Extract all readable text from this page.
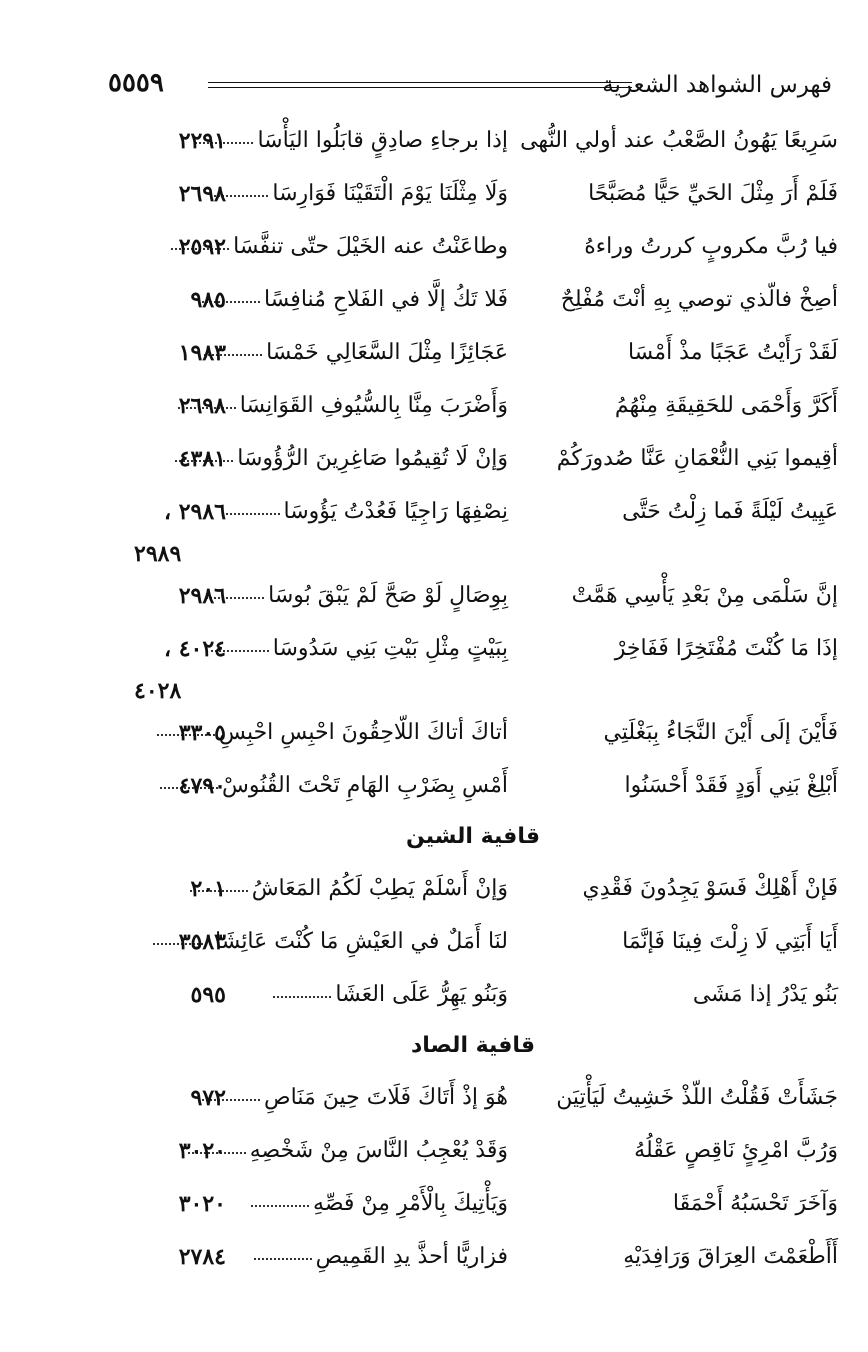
فهرس الشواهد الشعرية
٥٥٥٩
سَرِيعًا يَهُونُ الصَّعْبُ عند أولي النُّهى
إذا برجاءِ صادِقٍ قابَلُوا اليَأْسَا
٢٢٩١
فَلَمْ أَرَ مِثْلَ الحَيِّ حَيًّا مُصَبَّحًا
وَلَا مِثْلَنَا يَوْمَ الْتَقَيْنَا فَوَارِسَا
٢٦٩٨
فيا رُبَّ مكروبٍ كررتُ وراءهُ
وطاعَنْتُ عنه الخَيْلَ حتّى تنفَّسَا
٢٥٩٢
أصِخْ فالّذي توصي بِهِ أنْتَ مُفْلِحٌ
فَلا تَكُ إلَّا في الفَلاحِ مُنافِسًا
٩٨٥
لَقَدْ رَأَيْتُ عَجَبًا مذْ أَمْسَا
عَجَائِزًا مِثْلَ السَّعَالِي خَمْسَا
١٩٨٣
أَكَرَّ وَأَحْمَى للحَقِيقَةِ مِنْهُمُ
وَأَضْرَبَ مِنَّا بِالسُّيُوفِ القَوَانِسَا
٢٦٩٨
أقِيموا بَنِي النُّعْمَانِ عَنَّا صُدورَكُمْ
وَإنْ لَا تُقِيمُوا صَاغِرِينَ الرُّؤُوسَا
٤٣٨١
عَيِيتُ لَيْلَةً فَما زِلْتُ حَتَّى
نِصْفِهَا رَاجِيًا فَعُدْتُ يَؤُوسَا
٢٩٨٦ ،
٢٩٨٩
إنَّ سَلْمَى مِنْ بَعْدِ يَأْسِي هَمَّتْ
بِوِصَالٍ لَوْ صَحَّ لَمْ يَبْقَ بُوسَا
٢٩٨٦
إذَا مَا كُنْتَ مُفْتَخِرًا فَفَاخِرْ
بِبَيْتٍ مِثْلِ بَيْتِ بَنِي سَدُوسَا
٤٠٢٤ ،
٤٠٢٨
فَأَيْنَ إلَى أَيْنَ النَّجَاءُ بِبَغْلَتِي
أتاكَ أتاكَ اللّاحِقُونَ احْبِسِ احْبِسِ
٣٣٠٥
أَبْلِغْ بَنِي أَوَدٍ فَقَدْ أَحْسَنُوا
أَمْسِ بِضَرْبِ الهَامِ تَحْتَ القُنُوسْ
٤٧٩٠
قافية الشين
فَإنْ أَهْلِكْ فَسَوْ يَجِدُونَ فَقْدِي
وَإنْ أَسْلَمْ يَطِبْ لَكُمُ المَعَاشُ
٢٠١
أَيَا أَبَتِي لَا زِلْتَ فِينَا فَإنَّمَا
لنَا أَمَلٌ في العَيْشِ مَا كُنْتَ عَائِشَا
٣٥٨٣
بَنُو يَدْرُ إذا مَشَى
وَبَنُو يَهِرُّ عَلَى العَشَا
٥٩٥
قافية الصاد
جَشَأَتْ فَقُلْتُ اللّذْ خَشِيتُ لَيَأْتِيَن
هُوَ إذْ أَتَاكَ فَلَاتَ حِينَ مَنَاصِ
٩٧٢
وَرُبَّ امْرِئٍ نَاقِصٍ عَقْلُهُ
وَقَدْ يُعْجِبُ النَّاسَ مِنْ شَخْصِهِ
٣٠٢٠
وَآخَرَ تَحْسَبُهُ أَحْمَقَا
وَيَأْتِيكَ بِالْأَمْرِ مِنْ فَصِّهِ
٣٠٢٠
أَأَطْعَمْتَ العِرَاقَ وَرَافِدَيْهِ
فزاريًّا أحذَّ يدِ القَمِيصِ
٢٧٨٤
